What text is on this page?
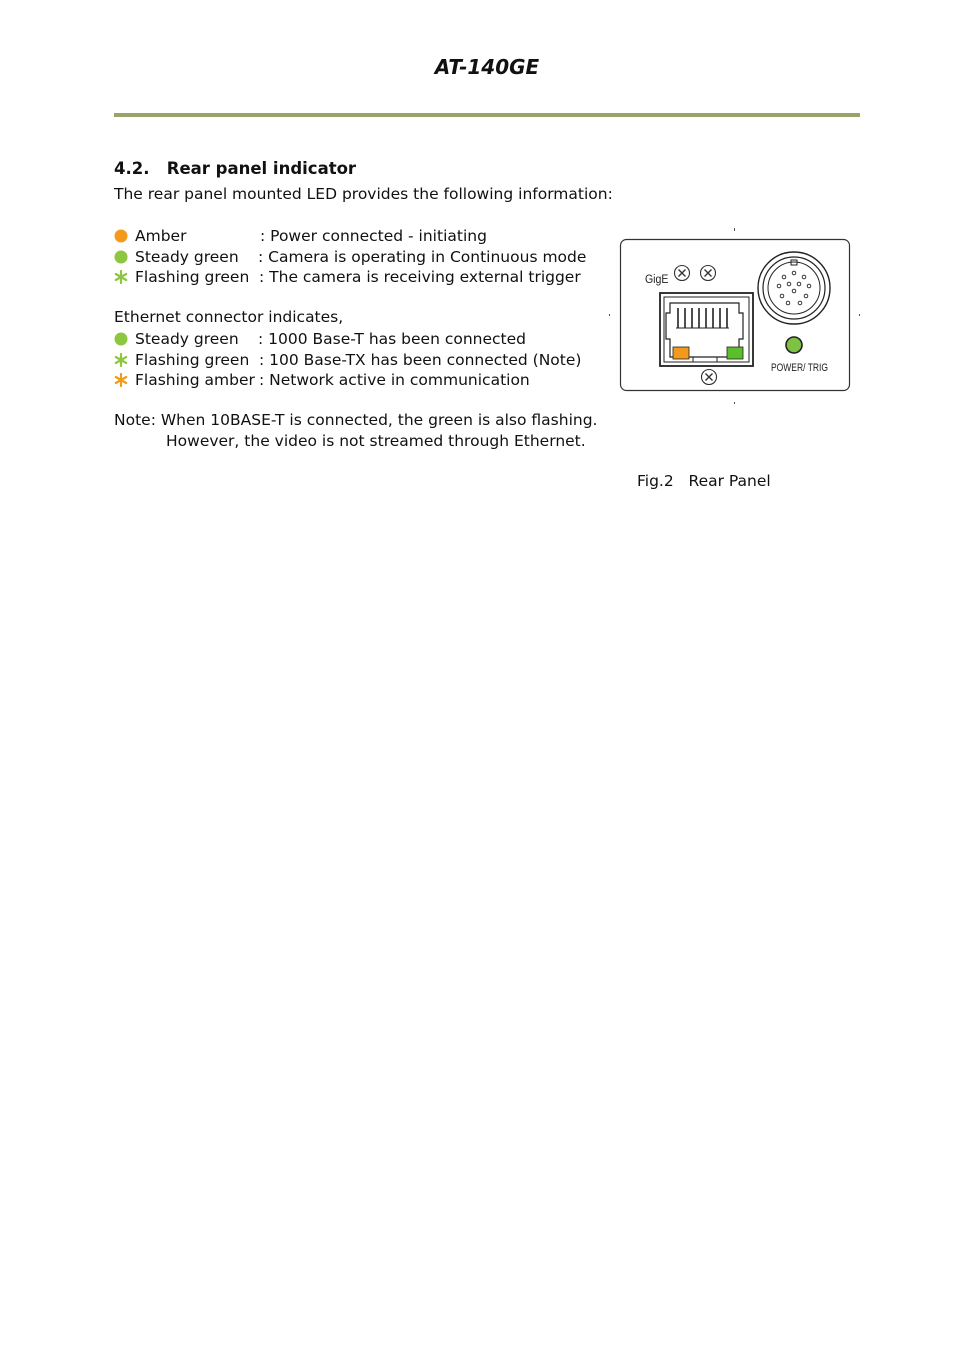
AT-140GE
4.2. Rear panel indicator
The rear panel mounted LED provides the following information:
Amber	: Power connected - initiating
Steady green : Camera is operating in Continuous mode
Flashing green : The camera is receiving external trigger
Ethernet connector indicates,
Steady green : 1000 Base-T has been connected
Flashing green : 100 Base-TX has been connected (Note)
Flashing amber : Network active in communication
Note: When 10BASE-T is connected, the green is also flashing.
However, the video is not streamed through Ethernet.
GigE
POWER/ TRIG
Fig.2   Rear Panel
